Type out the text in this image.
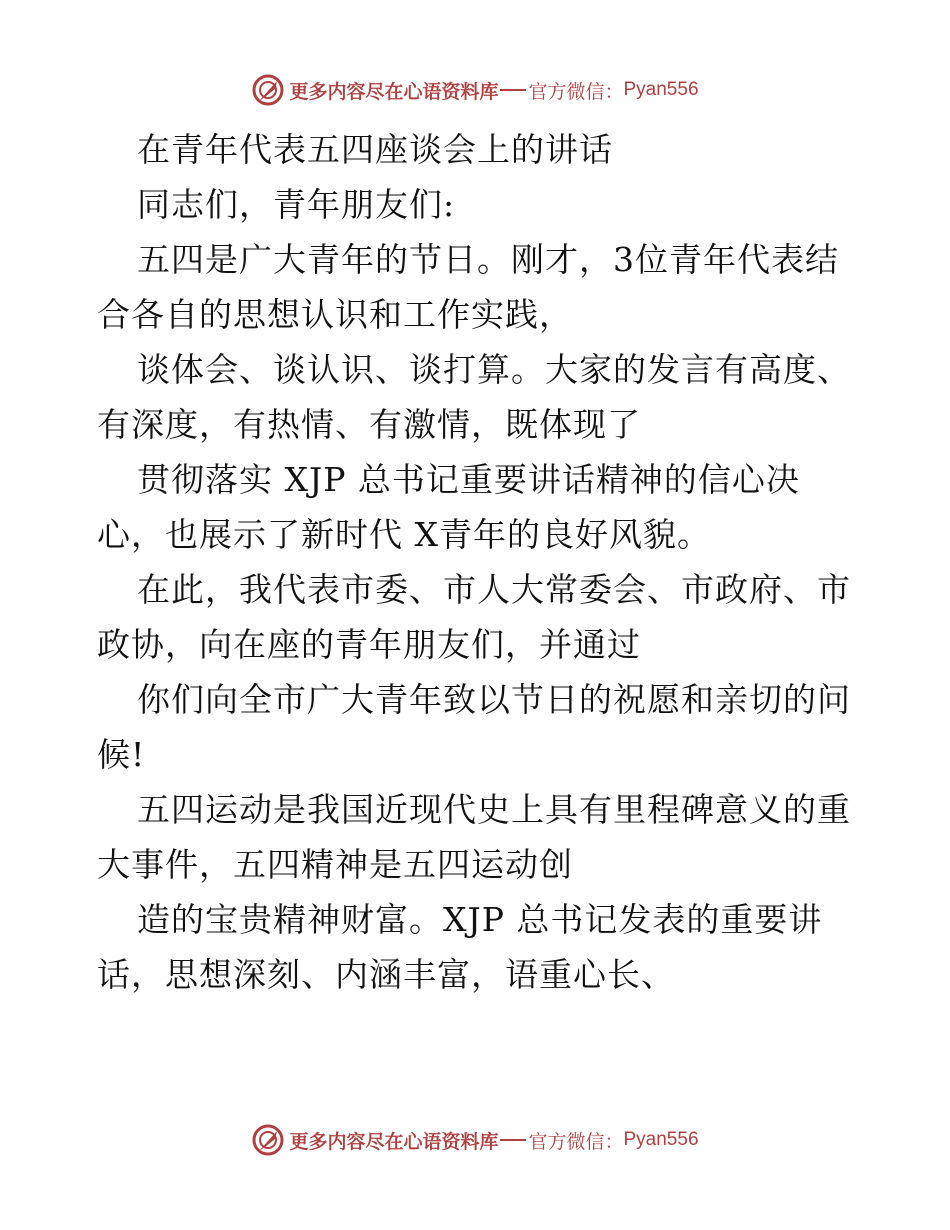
更多内容尽在心语资料库 官方微信： Pyan556
在青年代表五四座谈会上的讲话
同志们，青年朋友们:
五四是广大青年的节日。刚才，3位青年代表结
合各自的思想认识和工作实践，
谈体会、谈认识、谈打算。大家的发言有高度、
有深度，有热情、有激情，既体现了
贯彻落实 XJP 总书记重要讲话精神的信心决
心，也展示了新时代 X青年的良好风貌。
在此，我代表市委、市人大常委会、市政府、市
政协，向在座的青年朋友们，并通过
你们向全市广大青年致以节日的祝愿和亲切的问
候!
五四运动是我国近现代史上具有里程碑意义的重
大事件，五四精神是五四运动创
造的宝贵精神财富。XJP 总书记发表的重要讲
话，思想深刻、内涵丰富，语重心长、
更多内容尽在心语资料库 官方微信： Pyan556
